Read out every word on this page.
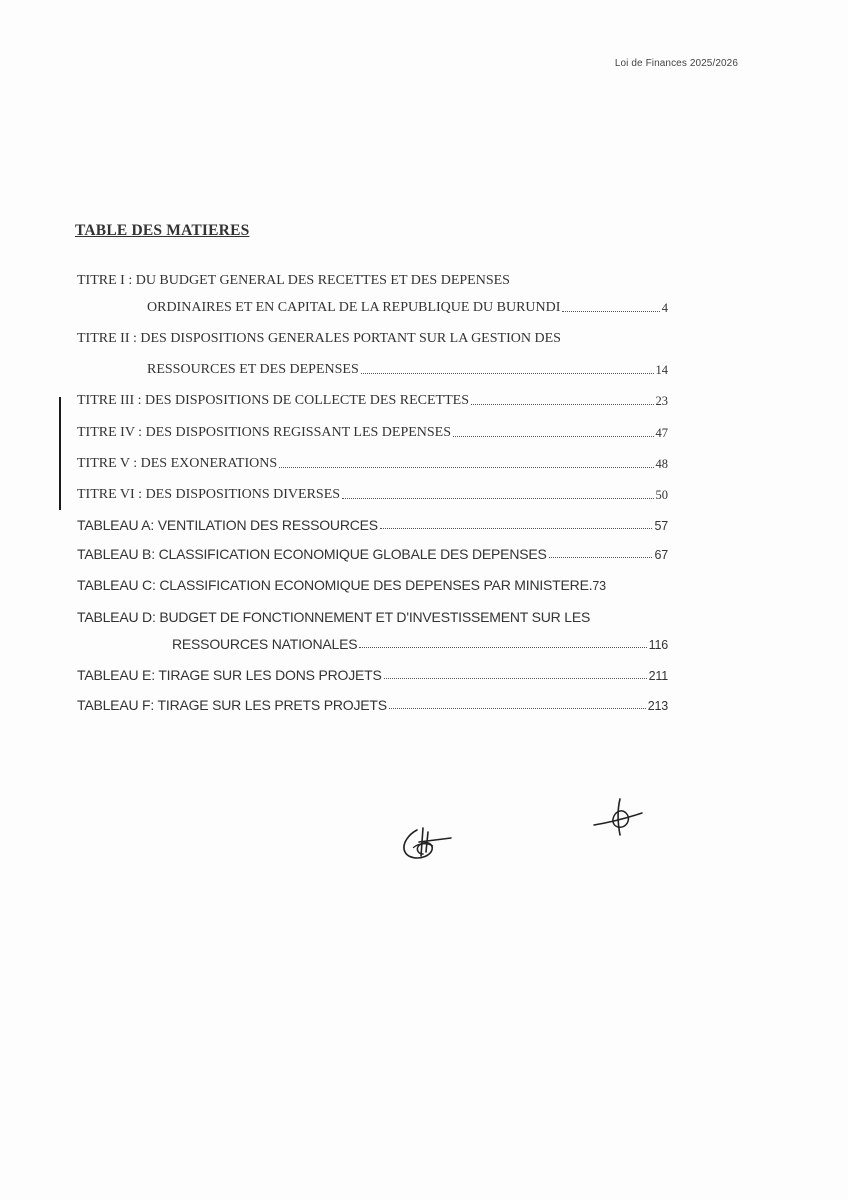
Loi de Finances 2025/2026
TABLE DES MATIERES
TITRE I : DU BUDGET GENERAL DES RECETTES ET DES DEPENSES
ORDINAIRES ET EN CAPITAL DE LA REPUBLIQUE DU BURUNDI	4
TITRE II : DES DISPOSITIONS GENERALES PORTANT SUR LA GESTION DES
RESSOURCES ET DES DEPENSES	14
TITRE III : DES DISPOSITIONS DE COLLECTE DES RECETTES	23
TITRE IV : DES DISPOSITIONS REGISSANT LES DEPENSES	47
TITRE V : DES EXONERATIONS	48
TITRE VI : DES DISPOSITIONS DIVERSES	50
TABLEAU A: VENTILATION DES RESSOURCES	57
TABLEAU B: CLASSIFICATION ECONOMIQUE GLOBALE DES DEPENSES	67
TABLEAU C: CLASSIFICATION ECONOMIQUE DES DEPENSES PAR MINISTERE. 73
TABLEAU D: BUDGET DE FONCTIONNEMENT ET D'INVESTISSEMENT SUR LES
RESSOURCES NATIONALES	116
TABLEAU E: TIRAGE SUR LES DONS PROJETS	211
TABLEAU F: TIRAGE SUR LES PRETS PROJETS	213
